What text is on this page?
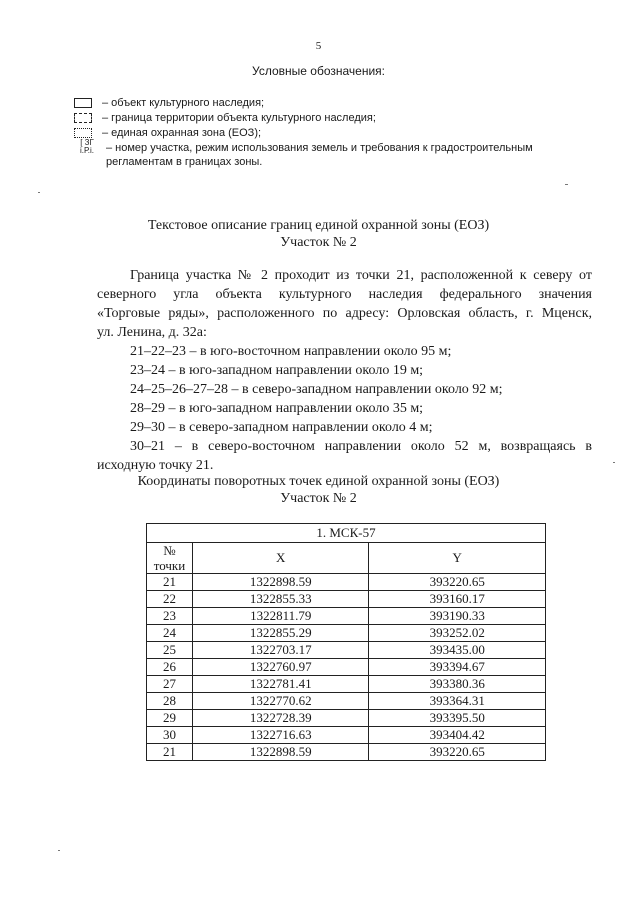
5
Условные обозначения:
– объект культурного наследия;
– граница территории объекта культурного наследия;
– единая охранная зона (ЕОЗ);
[ ЗГ
і.Р.і.	– номер участка, режим использования земель и требования к градостроительным
регламентам в границах зоны.
Текстовое описание границ единой охранной зоны (ЕОЗ)
Участок № 2
Граница участка № 2 проходит из точки 21, расположенной к северу от
северного угла объекта культурного наследия федерального значения
«Торговые ряды», расположенного по адресу: Орловская область, г. Мценск,
ул. Ленина, д. 32а:
21–22–23 – в юго-восточном направлении около 95 м;
23–24 – в юго-западном направлении около 19 м;
24–25–26–27–28 – в северо-западном направлении около 92 м;
28–29 – в юго-западном направлении около 35 м;
29–30 – в северо-западном направлении около 4 м;
30–21 – в северо-восточном направлении около 52 м, возвращаясь в
исходную точку 21.
Координаты поворотных точек единой охранной зоны (ЕОЗ)
Участок № 2
1. МСК-57		
№
точки	X	Y
21	1322898.59	393220.65
22	1322855.33	393160.17
23	1322811.79	393190.33
24	1322855.29	393252.02
25	1322703.17	393435.00
26	1322760.97	393394.67
27	1322781.41	393380.36
28	1322770.62	393364.31
29	1322728.39	393395.50
30	1322716.63	393404.42
21	1322898.59	393220.65
